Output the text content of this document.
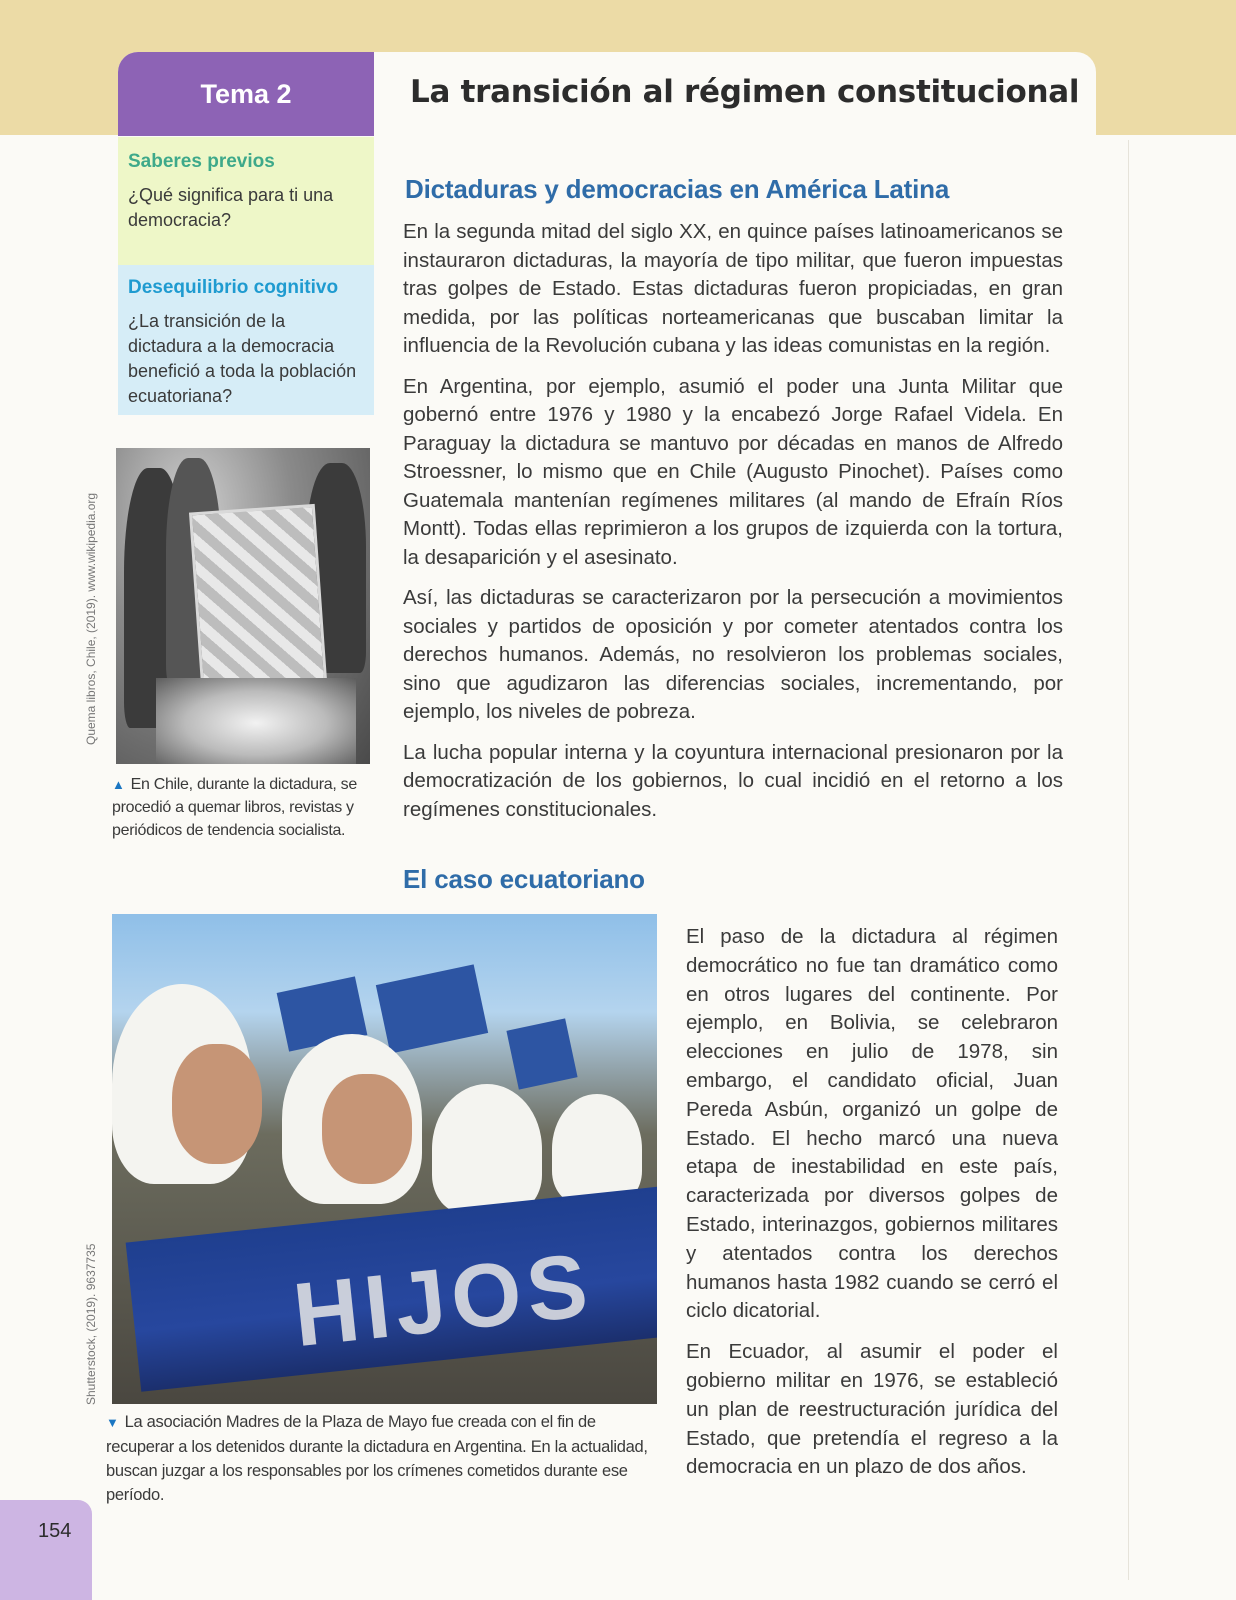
Tema 2	La transición al régimen constitucional
Saberes previos

¿Qué significa para ti una democracia?

Desequilibrio cognitivo

¿La transición de la dictadura a la democracia benefició a toda la población ecuatoriana?

Quema libros, Chile, (2019). www.wikipedia.org

▲ En Chile, durante la dictadura, se procedió a quemar libros, revistas y periódicos de tendencia socialista.

Dictaduras y democracias en América Latina

En la segunda mitad del siglo XX, en quince países latinoamericanos se instauraron dictaduras, la mayoría de tipo militar, que fueron impuestas tras golpes de Estado. Estas dictaduras fueron propiciadas, en gran medida, por las políticas norteamericanas que buscaban limitar la influencia de la Revolución cubana y las ideas comunistas en la región.

En Argentina, por ejemplo, asumió el poder una Junta Militar que gobernó entre 1976 y 1980 y la encabezó Jorge Rafael Videla. En Paraguay la dictadura se mantuvo por décadas en manos de Alfredo Stroessner, lo mismo que en Chile (Augusto Pinochet). Países como Guatemala mantenían regímenes militares (al mando de Efraín Ríos Montt). Todas ellas reprimieron a los grupos de izquierda con la tortura, la desaparición y el asesinato.

Así, las dictaduras se caracterizaron por la persecución a movimientos sociales y partidos de oposición y por cometer atentados contra los derechos humanos. Además, no resolvieron los problemas sociales, sino que agudizaron las diferencias sociales, incrementando, por ejemplo, los niveles de pobreza.

La lucha popular interna y la coyuntura internacional presionaron por la democratización de los gobiernos, lo cual incidió en el retorno a los regímenes constitucionales.

El caso ecuatoriano
Shutterstock, (2019). 9637735 HIJOS

▼ La asociación Madres de la Plaza de Mayo fue creada con el fin de recuperar a los detenidos durante la dictadura en Argentina. En la actualidad, buscan juzgar a los responsables por los crímenes cometidos durante ese período.

El paso de la dictadura al régimen democrático no fue tan dramático como en otros lugares del continente. Por ejemplo, en Bolivia, se celebraron elecciones en julio de 1978, sin embargo, el candidato oficial, Juan Pereda Asbún, organizó un golpe de Estado. El hecho marcó una nueva etapa de inestabilidad en este país, caracterizada por diversos golpes de Estado, interinazgos, gobiernos militares y atentados contra los derechos humanos hasta 1982 cuando se cerró el ciclo dicatorial.

En Ecuador, al asumir el poder el gobierno militar en 1976, se estableció un plan de reestructuración jurídica del Estado, que pretendía el regreso a la democracia en un plazo de dos años.

154
